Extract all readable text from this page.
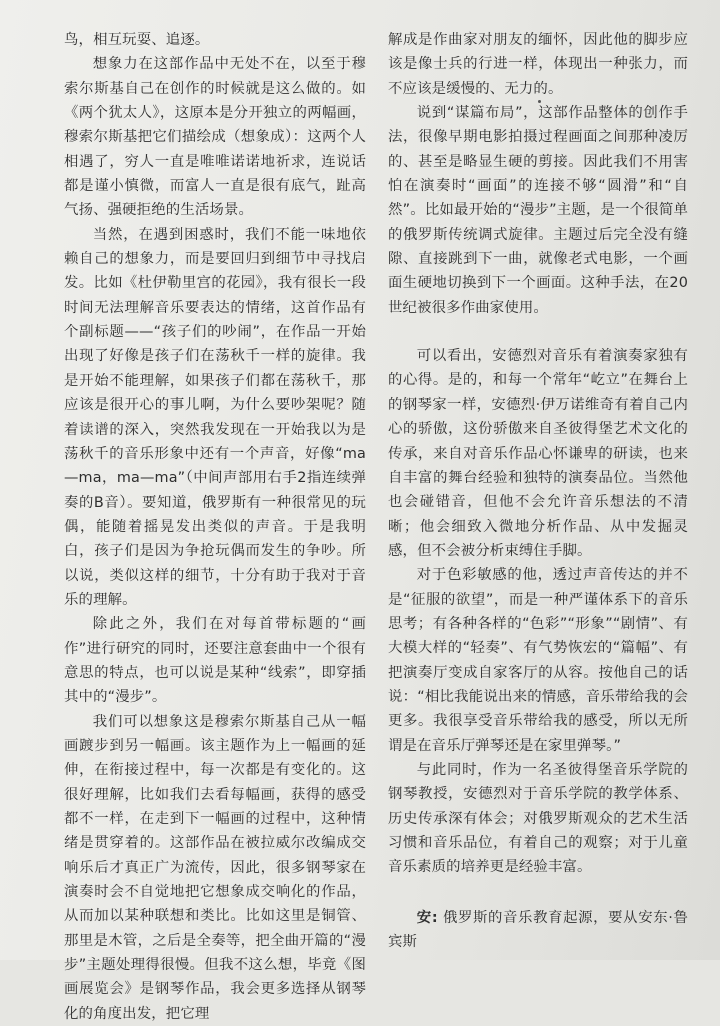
鸟，相互玩耍、追逐。

想象力在这部作品中无处不在，以至于穆索尔斯基自己在创作的时候就是这么做的。如《两个犹太人》，这原本是分开独立的两幅画，穆索尔斯基把它们描绘成（想象成）：这两个人相遇了，穷人一直是唯唯诺诺地祈求，连说话都是谨小慎微，而富人一直是很有底气，趾高气扬、强硬拒绝的生活场景。

当然，在遇到困惑时，我们不能一味地依赖自己的想象力，而是要回归到细节中寻找启发。比如《杜伊勒里宫的花园》，我有很长一段时间无法理解音乐要表达的情绪，这首作品有个副标题——“孩子们的吵闹”，在作品一开始出现了好像是孩子们在荡秋千一样的旋律。我是开始不能理解，如果孩子们都在荡秋千，那应该是很开心的事儿啊，为什么要吵架呢？随着读谱的深入，突然我发现在一开始我以为是荡秋千的音乐形象中还有一个声音，好像“ma—ma，ma—ma”（中间声部用右手2指连续弹奏的B音）。要知道，俄罗斯有一种很常见的玩偶，能随着摇晃发出类似的声音。于是我明白，孩子们是因为争抢玩偶而发生的争吵。所以说，类似这样的细节，十分有助于我对于音乐的理解。

除此之外，我们在对每首带标题的“画作”进行研究的同时，还要注意套曲中一个很有意思的特点，也可以说是某种“线索”，即穿插其中的“漫步”。

我们可以想象这是穆索尔斯基自己从一幅画踱步到另一幅画。该主题作为上一幅画的延伸，在衔接过程中，每一次都是有变化的。这很好理解，比如我们去看每幅画，获得的感受都不一样，在走到下一幅画的过程中，这种情绪是贯穿着的。这部作品在被拉威尔改编成交响乐后才真正广为流传，因此，很多钢琴家在演奏时会不自觉地把它想象成交响化的作品，从而加以某种联想和类比。比如这里是铜管、那里是木管，之后是全奏等，把全曲开篇的“漫步”主题处理得很慢。但我不这么想，毕竟《图画展览会》是钢琴作品，我会更多选择从钢琴化的角度出发，把它理

解成是作曲家对朋友的缅怀，因此他的脚步应该是像士兵的行进一样，体现出一种张力，而不应该是缓慢的、无力的。

说到“谋篇布局”，这部作品整体的创作手法，很像早期电影拍摄过程画面之间那种凌厉的、甚至是略显生硬的剪接。因此我们不用害怕在演奏时“画面”的连接不够“圆滑”和“自然”。比如最开始的“漫步”主题，是一个很简单的俄罗斯传统调式旋律。主题过后完全没有缝隙、直接跳到下一曲，就像老式电影，一个画面生硬地切换到下一个画面。这种手法，在20世纪被很多作曲家使用。

可以看出，安德烈对音乐有着演奏家独有的心得。是的，和每一个常年“屹立”在舞台上的钢琴家一样，安德烈·伊万诺维奇有着自己内心的骄傲，这份骄傲来自圣彼得堡艺术文化的传承，来自对音乐作品心怀谦卑的研读，也来自丰富的舞台经验和独特的演奏品位。当然他也会碰错音，但他不会允许音乐想法的不清晰；他会细致入微地分析作品、从中发掘灵感，但不会被分析束缚住手脚。

对于色彩敏感的他，透过声音传达的并不是“征服的欲望”，而是一种严谨体系下的音乐思考；有各种各样的“色彩”“形象”“剧情”、有大模大样的“轻奏”、有气势恢宏的“篇幅”、有把演奏厅变成自家客厅的从容。按他自己的话说：“相比我能说出来的情感，音乐带给我的会更多。我很享受音乐带给我的感受，所以无所谓是在音乐厅弹琴还是在家里弹琴。”

与此同时，作为一名圣彼得堡音乐学院的钢琴教授，安德烈对于音乐学院的教学体系、历史传承深有体会；对俄罗斯观众的艺术生活习惯和音乐品位，有着自己的观察；对于儿童音乐素质的培养更是经验丰富。

安: 俄罗斯的音乐教育起源，要从安东·鲁宾斯
